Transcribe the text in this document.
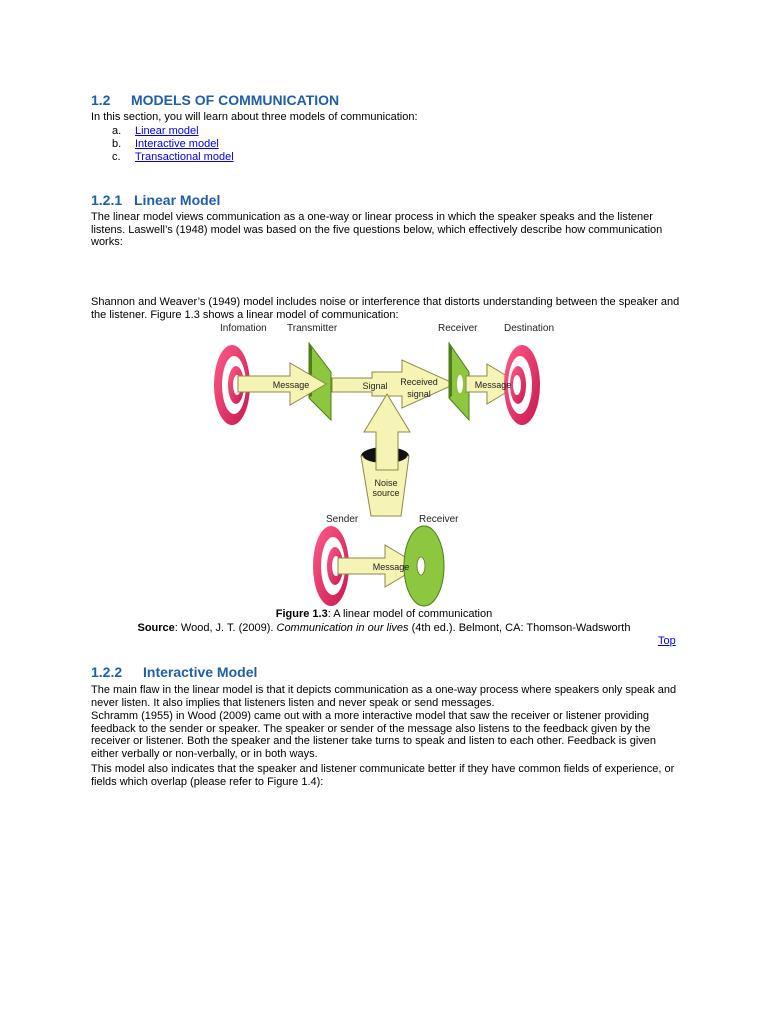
1.2 MODELS OF COMMUNICATION
In this section, you will learn about three models of communication:
a. Linear model
b. Interactive model
c. Transactional model
1.2.1 Linear Model
The linear model views communication as a one-way or linear process in which the speaker speaks and the listener listens. Laswell’s (1948) model was based on the five questions below, which effectively describe how communication works:
Shannon and Weaver’s (1949) model includes noise or interference that distorts understanding between the speaker and the listener. Figure 1.3 shows a linear model of communication:
Infomation Transmitter	Receiver	Destination
Sender	Receiver
Message	Signal Received
signal
Message
Noise
source
Message
Figure 1.3: A linear model of communication
Source: Wood, J. T. (2009). Communication in our lives (4th ed.). Belmont, CA: Thomson-Wadsworth
Top
1.2.2 Interactive Model
The main flaw in the linear model is that it depicts communication as a one-way process where speakers only speak and never listen. It also implies that listeners listen and never speak or send messages.
Schramm (1955) in Wood (2009) came out with a more interactive model that saw the receiver or listener providing feedback to the sender or speaker. The speaker or sender of the message also listens to the feedback given by the receiver or listener. Both the speaker and the listener take turns to speak and listen to each other. Feedback is given either verbally or non-verbally, or in both ways.
This model also indicates that the speaker and listener communicate better if they have common fields of experience, or fields which overlap (please refer to Figure 1.4):
